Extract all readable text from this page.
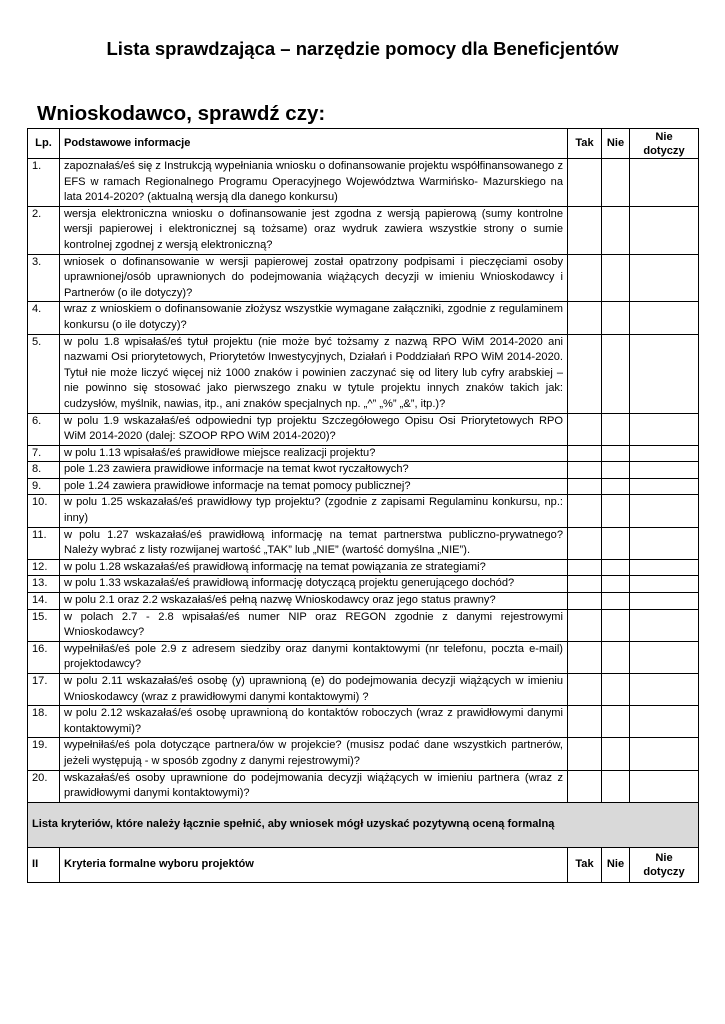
Lista sprawdzająca – narzędzie pomocy dla Beneficjentów
Wnioskodawco, sprawdź czy:
Lp.	Podstawowe informacje	Tak	Nie	Nie dotyczy
1.	zapoznałaś/eś się z Instrukcją wypełniania wniosku o dofinansowanie projektu współfinansowanego z EFS w ramach Regionalnego Programu Operacyjnego Województwa Warmińsko- Mazurskiego na lata 2014-2020? (aktualną wersją dla danego konkursu)			
2.	wersja elektroniczna wniosku o dofinansowanie jest zgodna z wersją papierową (sumy kontrolne wersji papierowej i elektronicznej są tożsame) oraz wydruk zawiera wszystkie strony o sumie kontrolnej zgodnej z wersją elektroniczną?			
3.	wniosek o dofinansowanie w wersji papierowej został opatrzony podpisami i pieczęciami osoby uprawnionej/osób uprawnionych do podejmowania wiążących decyzji w imieniu Wnioskodawcy i Partnerów (o ile dotyczy)?			
4.	wraz z wnioskiem o dofinansowanie złożysz wszystkie wymagane załączniki, zgodnie z regulaminem konkursu (o ile dotyczy)?			
5.	w polu 1.8 wpisałaś/eś tytuł projektu (nie może być tożsamy z nazwą RPO WiM 2014-2020 ani nazwami Osi priorytetowych, Priorytetów Inwestycyjnych, Działań i Poddziałań RPO WiM 2014-2020. Tytuł nie może liczyć więcej niż 1000 znaków i powinien zaczynać się od litery lub cyfry arabskiej – nie powinno się stosować jako pierwszego znaku w tytule projektu innych znaków takich jak: cudzysłów, myślnik, nawias, itp., ani znaków specjalnych np. „^” „%” „&”, itp.)?			
6.	w polu 1.9 wskazałaś/eś odpowiedni typ projektu Szczegółowego Opisu Osi Priorytetowych RPO WiM 2014-2020 (dalej: SZOOP RPO WiM 2014-2020)?			
7.	w polu 1.13 wpisałaś/eś prawidłowe miejsce realizacji projektu?			
8.	pole 1.23 zawiera prawidłowe informacje na temat kwot ryczałtowych?			
9.	pole 1.24 zawiera prawidłowe informacje na temat pomocy publicznej?			
10.	w polu 1.25 wskazałaś/eś prawidłowy typ projektu? (zgodnie z zapisami Regulaminu konkursu, np.: inny)			
11.	w polu 1.27 wskazałaś/eś prawidłową informację na temat partnerstwa publiczno-prywatnego? Należy wybrać z listy rozwijanej wartość „TAK” lub „NIE” (wartość domyślna „NIE”).			
12.	w polu 1.28 wskazałaś/eś prawidłową informację na temat powiązania ze strategiami?			
13.	w polu 1.33 wskazałaś/eś prawidłową informację dotyczącą projektu generującego dochód?			
14.	w polu 2.1 oraz 2.2 wskazałaś/eś pełną nazwę Wnioskodawcy oraz jego status prawny?			
15.	w polach 2.7 - 2.8 wpisałaś/eś numer NIP oraz REGON zgodnie z danymi rejestrowymi Wnioskodawcy?			
16.	wypełniłaś/eś pole 2.9 z adresem siedziby oraz danymi kontaktowymi (nr telefonu, poczta e-mail) projektodawcy?			
17.	w polu 2.11 wskazałaś/eś osobę (y) uprawnioną (e) do podejmowania decyzji wiążących w imieniu Wnioskodawcy (wraz z prawidłowymi danymi kontaktowymi) ?			
18.	w polu 2.12 wskazałaś/eś osobę uprawnioną do kontaktów roboczych (wraz z prawidłowymi danymi kontaktowymi)?			
19.	wypełniłaś/eś pola dotyczące partnera/ów w projekcie? (musisz podać dane wszystkich partnerów, jeżeli występują - w sposób zgodny z danymi rejestrowymi)?			
20.	wskazałaś/eś osoby uprawnione do podejmowania decyzji wiążących w imieniu partnera (wraz z prawidłowymi danymi kontaktowymi)?			
Lista kryteriów, które należy łącznie spełnić, aby wniosek mógł uzyskać pozytywną oceną formalną				
II	Kryteria formalne wyboru projektów	Tak	Nie	Nie dotyczy
